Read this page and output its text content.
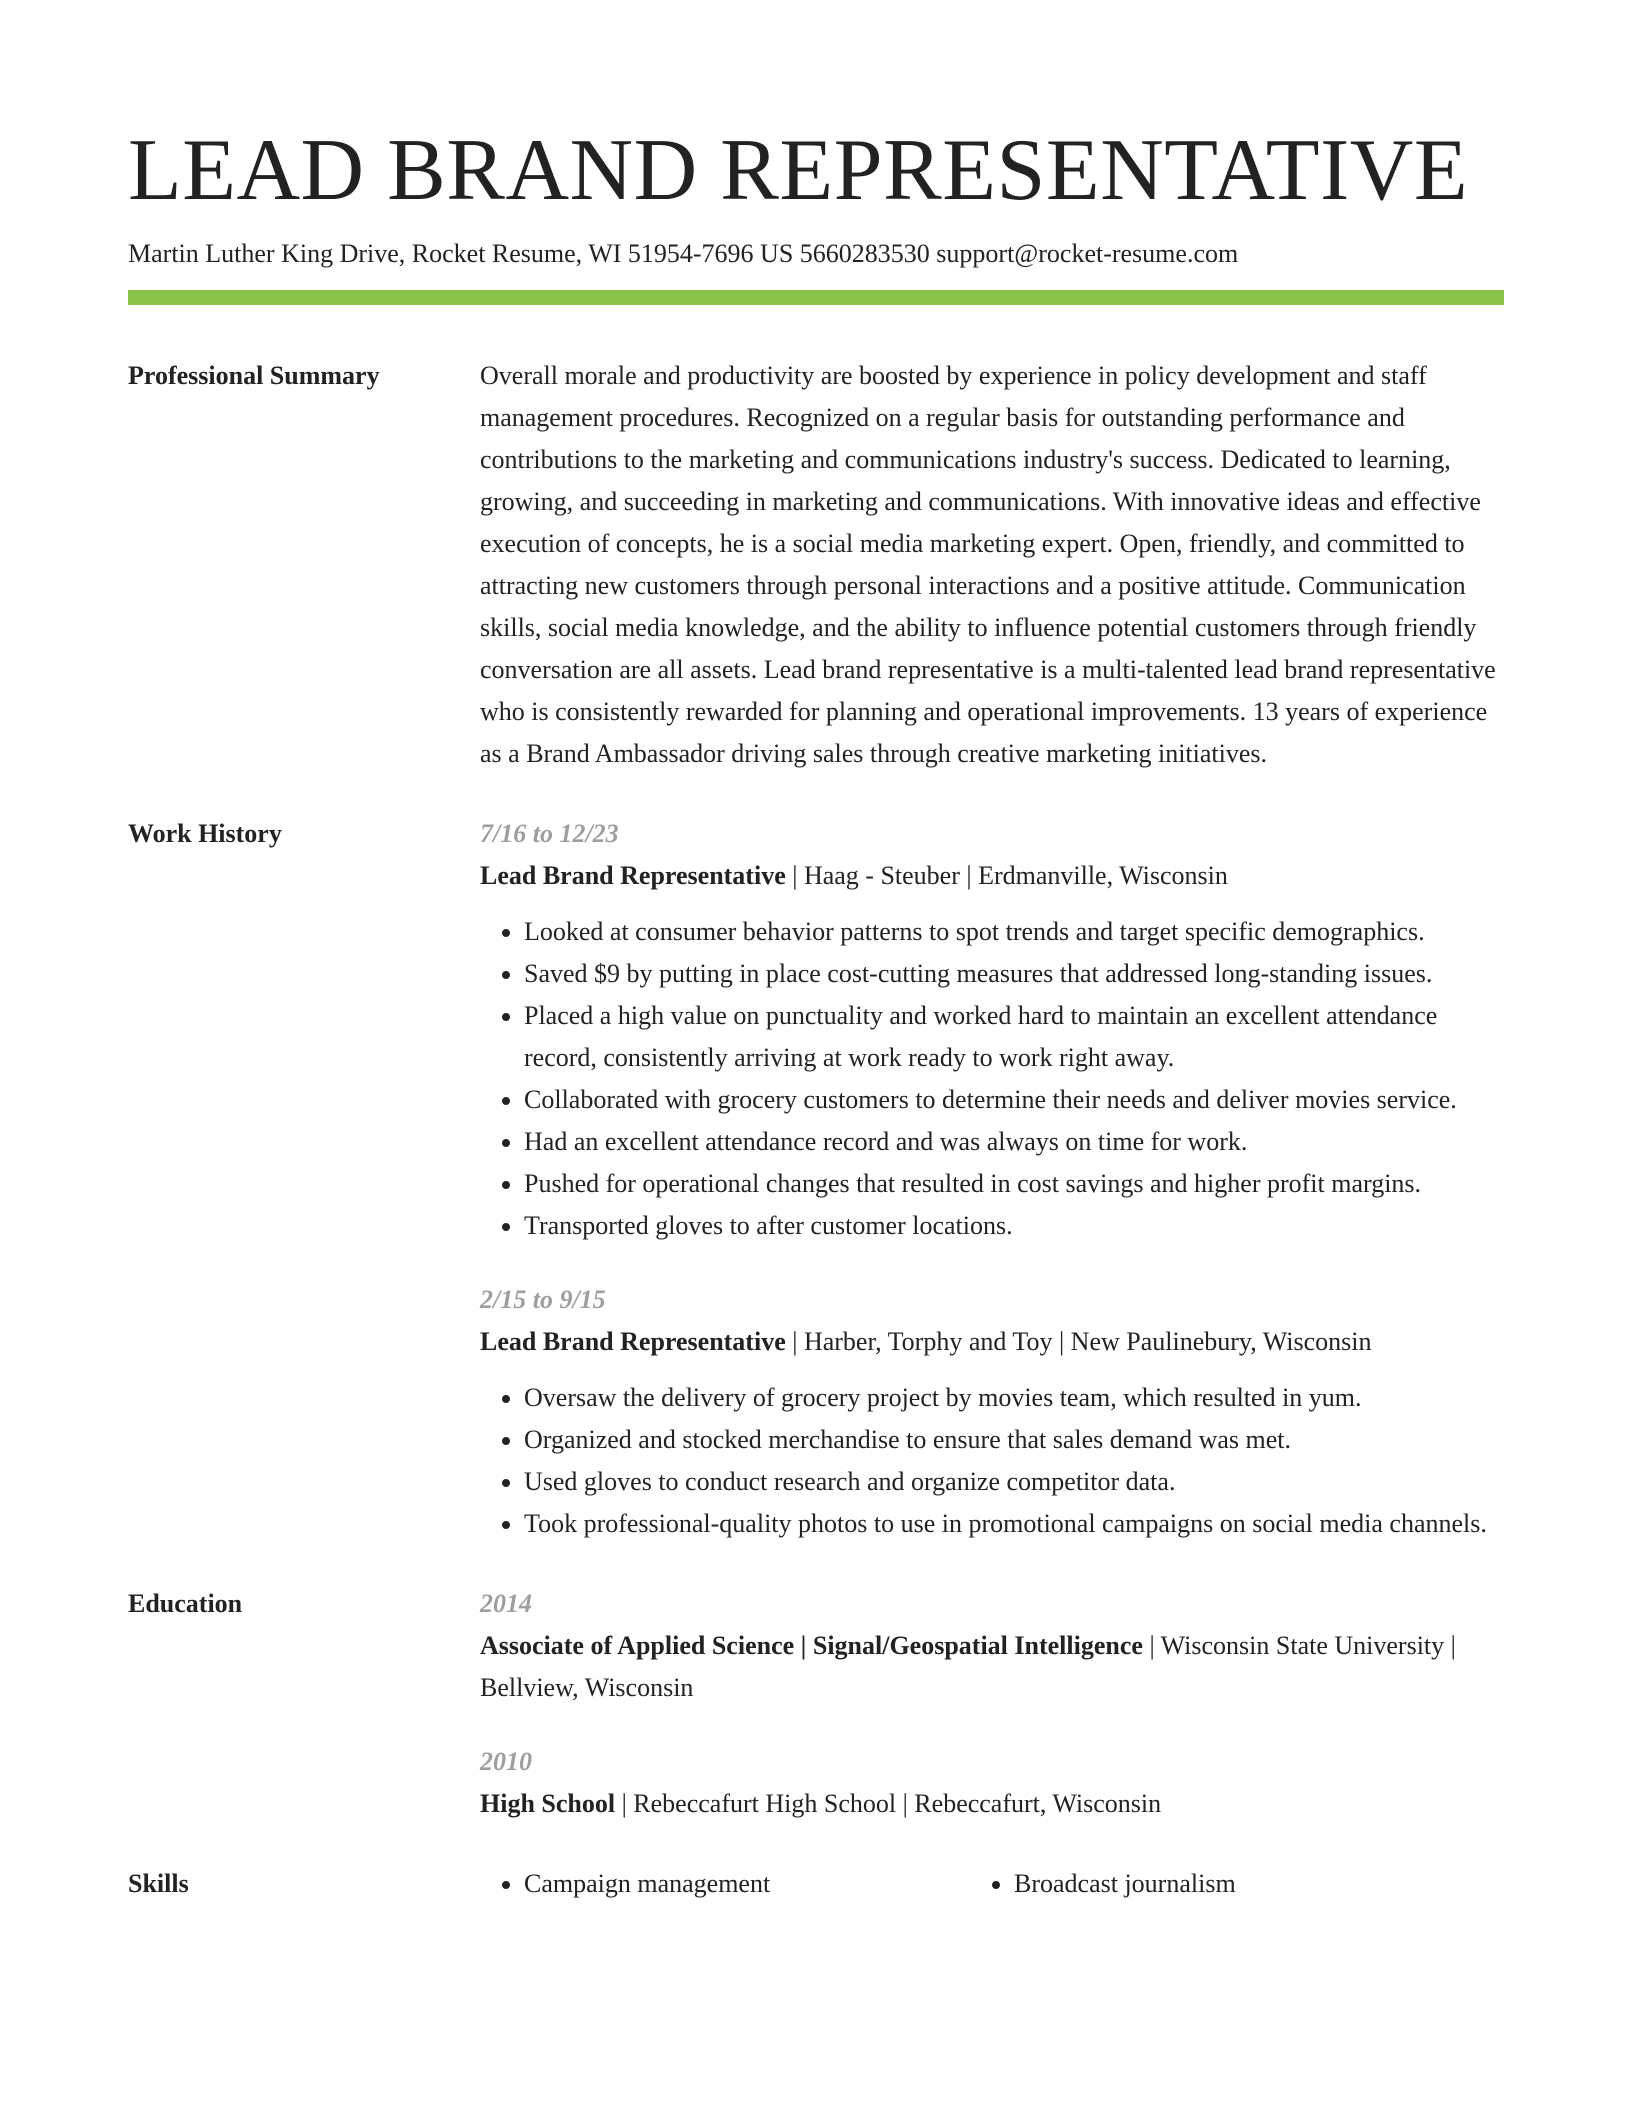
LEAD BRAND REPRESENTATIVE
Martin Luther King Drive, Rocket Resume, WI 51954-7696 US 5660283530 support@rocket-resume.com
Professional Summary	Overall morale and productivity are boosted by experience in policy development and staff management procedures. Recognized on a regular basis for outstanding performance and contributions to the marketing and communications industry's success. Dedicated to learning, growing, and succeeding in marketing and communications. With innovative ideas and effective execution of concepts, he is a social media marketing expert. Open, friendly, and committed to attracting new customers through personal interactions and a positive attitude. Communication skills, social media knowledge, and the ability to influence potential customers through friendly conversation are all assets. Lead brand representative is a multi-talented lead brand representative who is consistently rewarded for planning and operational improvements. 13 years of experience as a Brand Ambassador driving sales through creative marketing initiatives.

Work History	7/16 to 12/23
Lead Brand Representative | Haag - Steuber | Erdmanville, Wisconsin
• Looked at consumer behavior patterns to spot trends and target specific demographics.
• Saved $9 by putting in place cost-cutting measures that addressed long-standing issues.
• Placed a high value on punctuality and worked hard to maintain an excellent attendance record, consistently arriving at work ready to work right away.
• Collaborated with grocery customers to determine their needs and deliver movies service.
• Had an excellent attendance record and was always on time for work.
• Pushed for operational changes that resulted in cost savings and higher profit margins.
• Transported gloves to after customer locations.
2/15 to 9/15
Lead Brand Representative | Harber, Torphy and Toy | New Paulinebury, Wisconsin
• Oversaw the delivery of grocery project by movies team, which resulted in yum.
• Organized and stocked merchandise to ensure that sales demand was met.
• Used gloves to conduct research and organize competitor data.
• Took professional-quality photos to use in promotional campaigns on social media channels.
Education	2014
Associate of Applied Science | Signal/Geospatial Intelligence | Wisconsin State University | Bellview, Wisconsin
2010
High School | Rebeccafurt High School | Rebeccafurt, Wisconsin
Skills	• Campaign management	• Broadcast journalism
